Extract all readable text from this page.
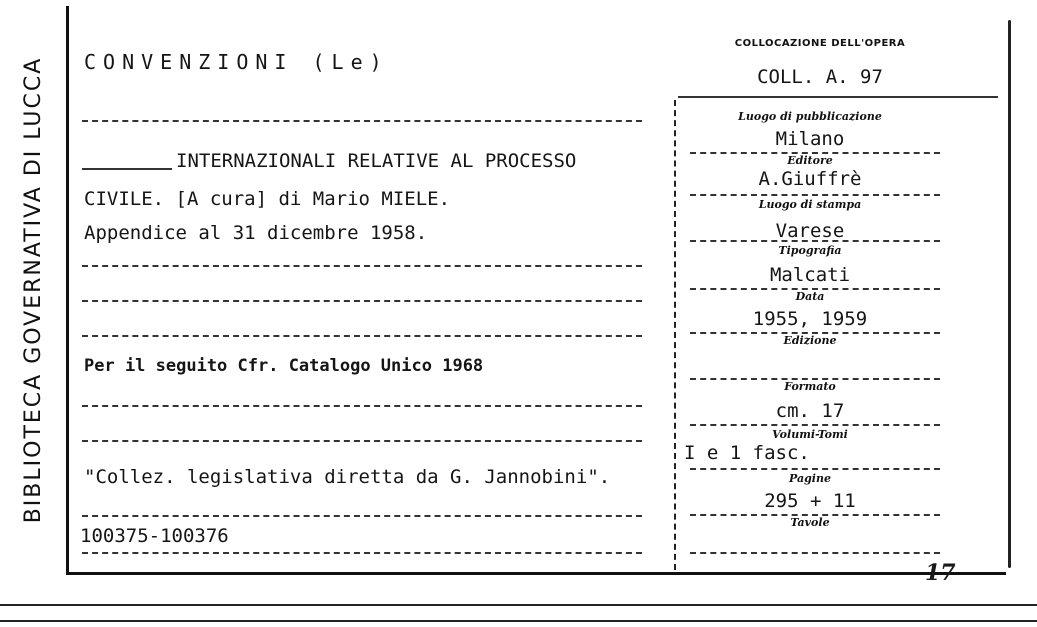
BIBLIOTECA GOVERNATIVA DI LUCCA CONVENZIONI (Le)
INTERNAZIONALI RELATIVE AL PROCESSO
CIVILE. [A cura] di Mario MIELE.
Appendice al 31 dicembre 1958.
Per il seguito Cfr. Catalogo Unico 1968
"Collez. legislativa diretta da G. Jannobini".
100375-100376
17
COLLOCAZIONE DELL'OPERA
COLL. A. 97
Luogo di pubblicazione
Milano
Editore
A.Giuffrè
Luogo di stampa
Varese
Tipografia
Malcati
Data
1955, 1959
Edizione
Formato
cm. 17
Volumi-Tomi
I e 1 fasc.
Pagine
295 + 11
Tavole
